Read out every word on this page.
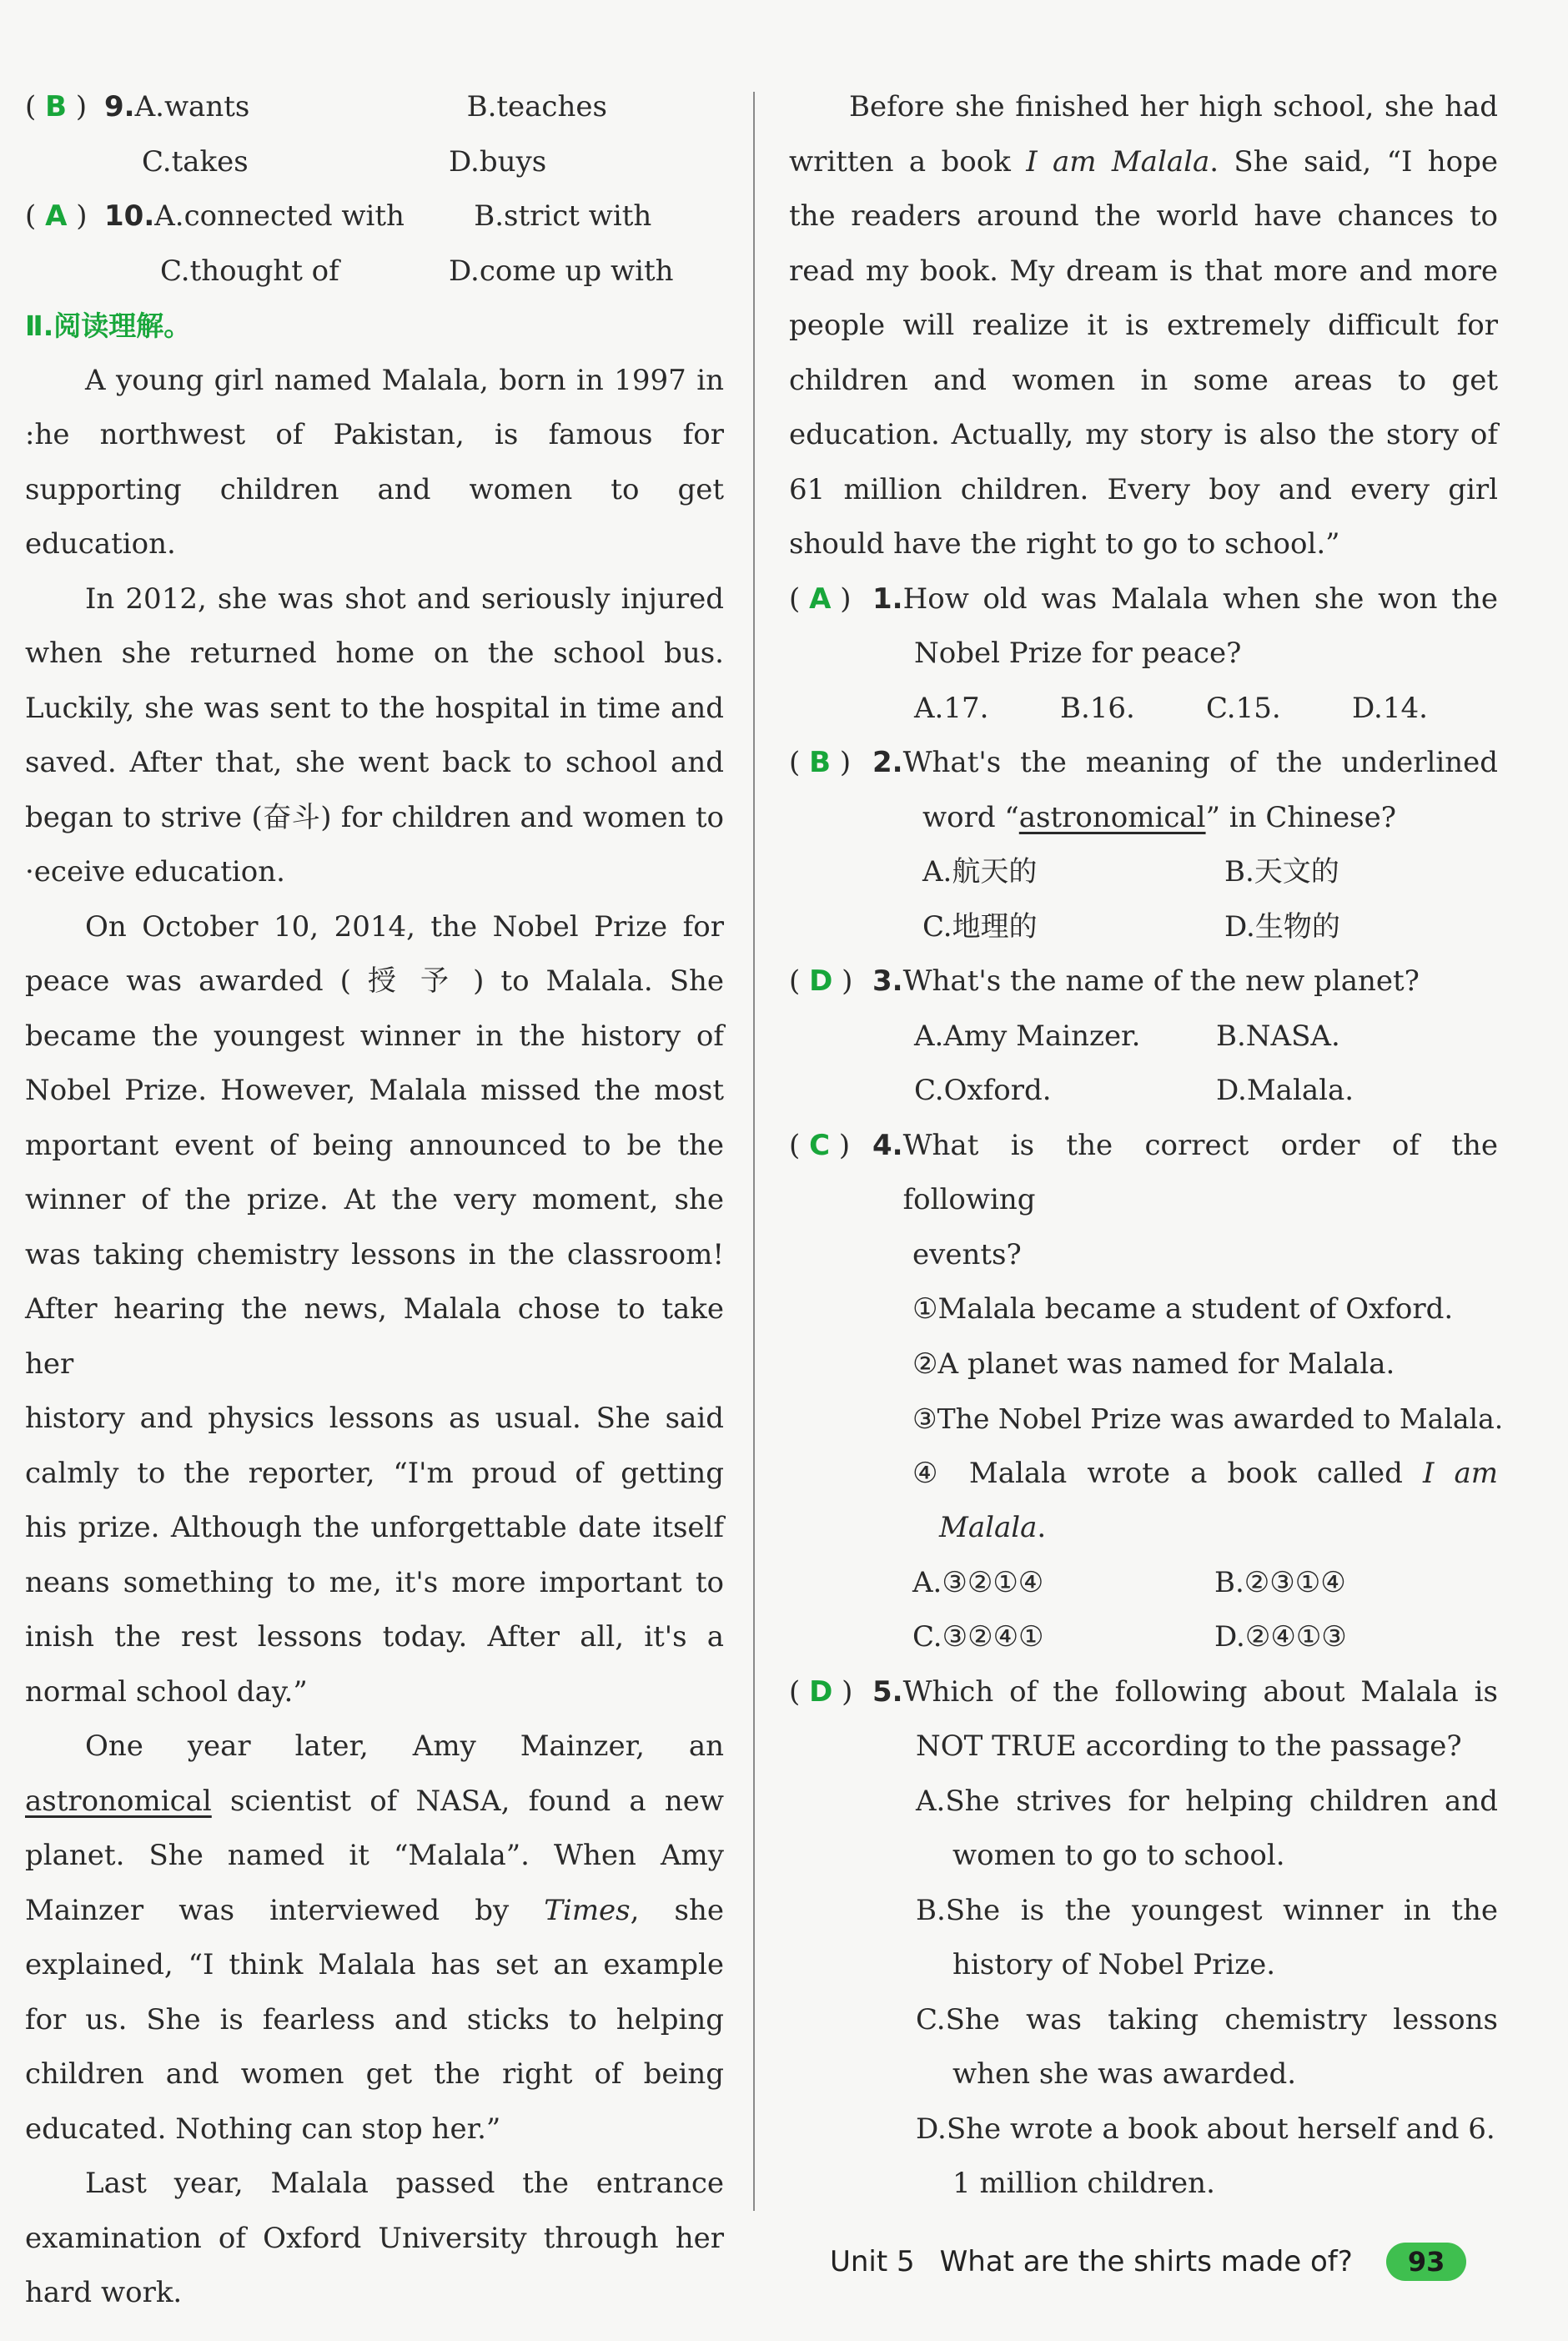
( B ) 9. A.wants	B.teaches
C.takes	D.buys
( A ) 10. A.connected with	B.strict with
C.thought of	D.come up with
Ⅱ.阅读理解。
A young girl named Malala, born in 1997 in
:he northwest of Pakistan, is famous for
supporting children and women to get education.
In 2012, she was shot and seriously injured
when she returned home on the school bus.
Luckily, she was sent to the hospital in time and
saved. After that, she went back to school and
began to strive (奋斗) for children and women to
·eceive education.
On October 10, 2014, the Nobel Prize for
peace was awarded ( 授 予 ) to Malala. She
became the youngest winner in the history of
Nobel Prize. However, Malala missed the most
mportant event of being announced to be the
winner of the prize. At the very moment, she
was taking chemistry lessons in the classroom!
After hearing the news, Malala chose to take her
history and physics lessons as usual. She said
calmly to the reporter, “I'm proud of getting
his prize. Although the unforgettable date itself
neans something to me, it's more important to
inish the rest lessons today. After all, it's a
normal school day.”
One year later, Amy Mainzer, an
astronomical scientist of NASA, found a new
planet. She named it “Malala”. When Amy
Mainzer was interviewed by Times, she
explained, “I think Malala has set an example
for us. She is fearless and sticks to helping
children and women get the right of being
educated. Nothing can stop her.”
Last year, Malala passed the entrance
examination of Oxford University through her
hard work.
Before she finished her high school, she had
written a book I am Malala. She said, “I hope
the readers around the world have chances to
read my book. My dream is that more and more
people will realize it is extremely difficult for
children and women in some areas to get
education. Actually, my story is also the story of
61 million children. Every boy and every girl
should have the right to go to school.”
( A ) 1. How old was Malala when she won the
Nobel Prize for peace?
A.17.	B.16.	C.15.	D.14.
( B ) 2. What's the meaning of the underlined
word “astronomical” in Chinese?
A.航天的	B.天文的
C.地理的	D.生物的
( D ) 3. What's the name of the new planet?
A.Amy Mainzer.	B.NASA.
C.Oxford.	D.Malala.
( C ) 4. What is the correct order of the following
events?
①Malala became a student of Oxford.
②A planet was named for Malala.
③The Nobel Prize was awarded to Malala.
④ Malala wrote a book called I am
Malala.
A.③②①④	B.②③①④
C.③②④①	D.②④①③
( D ) 5. Which of the following about Malala is
NOT TRUE according to the passage?
A.She strives for helping children and
women to go to school.
B.She is the youngest winner in the
history of Nobel Prize.
C.She was taking chemistry lessons
when she was awarded.
D.She wrote a book about herself and 6.
1 million children.
Unit 5 What are the shirts made of?	93
